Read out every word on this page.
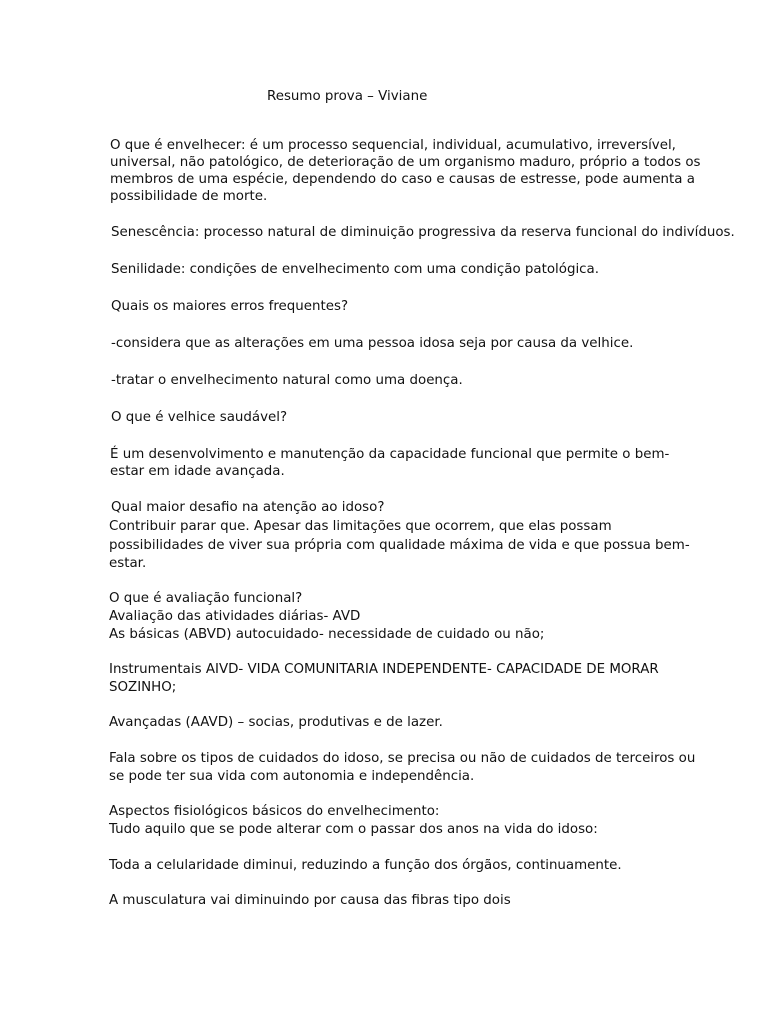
Resumo prova – Viviane

O que é envelhecer: é um processo sequencial, individual, acumulativo, irreversível, universal, não patológico, de deterioração de um organismo maduro, próprio a todos os membros de uma espécie, dependendo do caso e causas de estresse, pode aumenta a possibilidade de morte.

Senescência: processo natural de diminuição progressiva da reserva funcional do indivíduos.

Senilidade: condições de envelhecimento com uma condição patológica.

Quais os maiores erros frequentes?

-considera que as alterações em uma pessoa idosa seja por causa da velhice.

-tratar o envelhecimento natural como uma doença.

O que é velhice saudável?

É um desenvolvimento e manutenção da capacidade funcional que permite o bem-estar em idade avançada.

Qual maior desafio na atenção ao idoso?

Contribuir parar que. Apesar das limitações que ocorrem, que elas possam

possibilidades de viver sua própria com qualidade máxima de vida e que possua bem-

estar.

O que é avaliação funcional?

Avaliação das atividades diárias- AVD

As básicas (ABVD) autocuidado- necessidade de cuidado ou não;

Instrumentais AIVD- VIDA COMUNITARIA INDEPENDENTE- CAPACIDADE DE MORAR

SOZINHO;

Avançadas (AAVD) – socias, produtivas e de lazer.

Fala sobre os tipos de cuidados do idoso, se precisa ou não de cuidados de terceiros ou

se pode ter sua vida com autonomia e independência.

Aspectos fisiológicos básicos do envelhecimento:

Tudo aquilo que se pode alterar com o passar dos anos na vida do idoso:

Toda a celularidade diminui, reduzindo a função dos órgãos, continuamente.

A musculatura vai diminuindo por causa das fibras tipo dois
